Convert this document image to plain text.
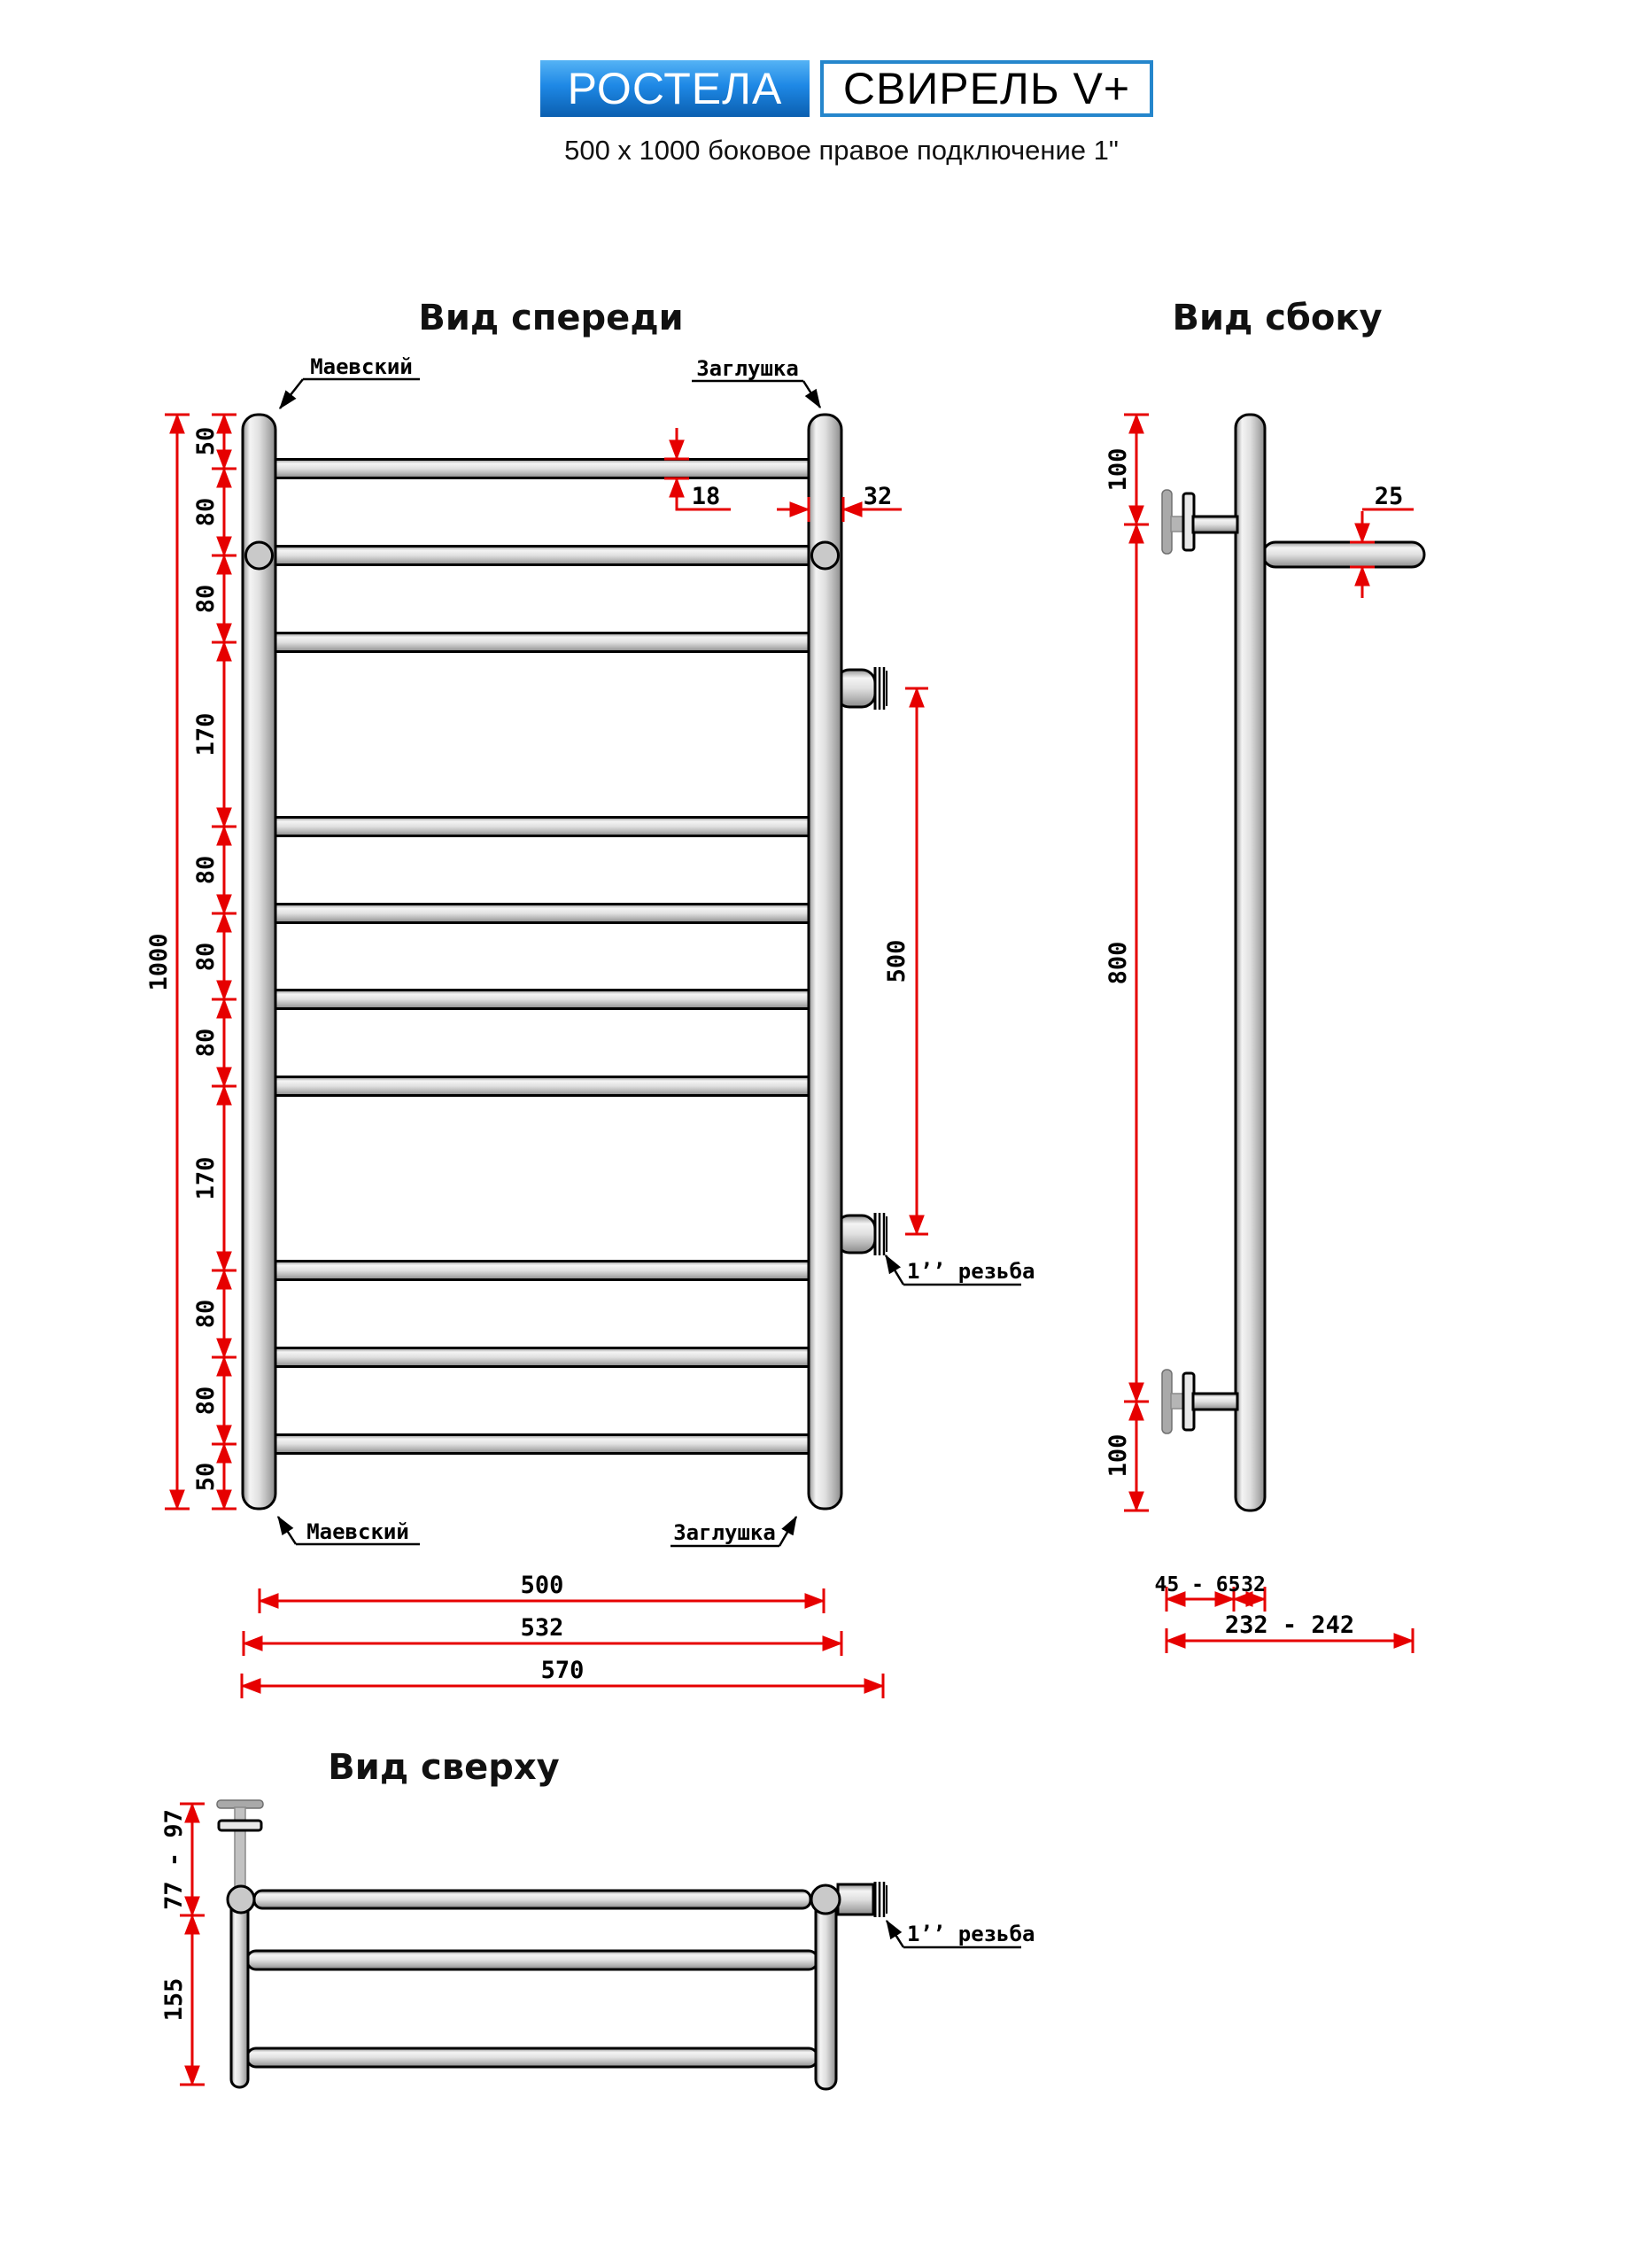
РОСТЕЛА СВИРЕЛЬ V+
500 x 1000 боковое правое подключение 1"
Вид спереди
Маевский	Заглушка
Маевский	Заглушка
1’’ резьба
1000
50
80
80
170
80
80
80
170
80
80
50
18	32
500
500
532
570
Вид сбоку
100
800
100
25
45 - 65 32
232 - 242
Вид сверху
1’’ резьба
77 - 97
155
